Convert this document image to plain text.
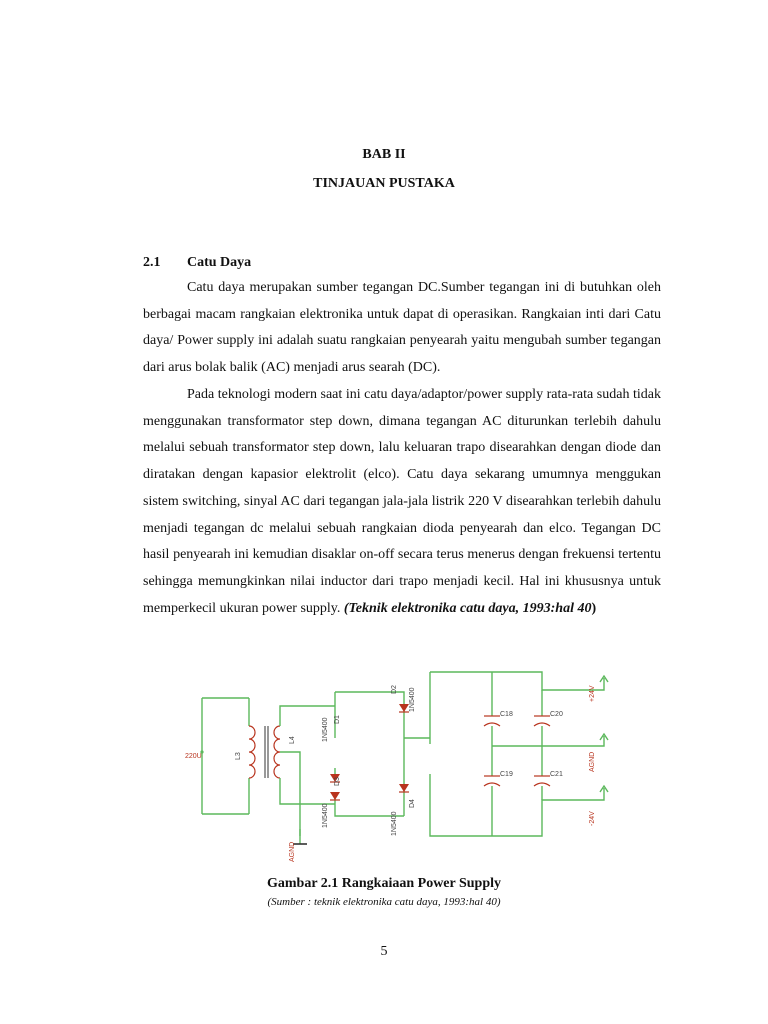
BAB II
TINJAUAN PUSTAKA
2.1 Catu Daya
Catu daya merupakan sumber tegangan DC.Sumber tegangan ini di butuhkan oleh berbagai macam rangkaian elektronika untuk dapat di operasikan. Rangkaian inti dari Catu daya/ Power supply ini adalah suatu rangkaian penyearah yaitu mengubah sumber tegangan dari arus bolak balik (AC) menjadi arus searah (DC).
Pada teknologi modern saat ini catu daya/adaptor/power supply rata-rata sudah tidak menggunakan transformator step down, dimana tegangan AC diturunkan terlebih dahulu melalui sebuah transformator step down, lalu keluaran trapo disearahkan dengan diode dan diratakan dengan kapasior elektrolit (elco). Catu daya sekarang umumnya menggukan sistem switching, sinyal AC dari tegangan jala-jala listrik 220 V disearahkan terlebih dahulu menjadi tegangan dc melalui sebuah rangkaian dioda penyearah dan elco. Tegangan DC hasil penyearah ini kemudian disaklar on-off secara terus menerus dengan frekuensi tertentu sehingga memungkinkan nilai inductor dari trapo menjadi kecil. Hal ini khususnya untuk memperkecil ukuran power supply. (Teknik elektronika catu daya, 1993:hal 40)
220U	L3
L4
AGND
1N5400 D1
1N5400
D3
D2 1N5400
D4
1N5400
C18
C19
C20
C21
+24V
AGND
-24V
Gambar 2.1 Rangkaiaan Power Supply
(Sumber : teknik elektronika catu daya, 1993:hal 40)
5
